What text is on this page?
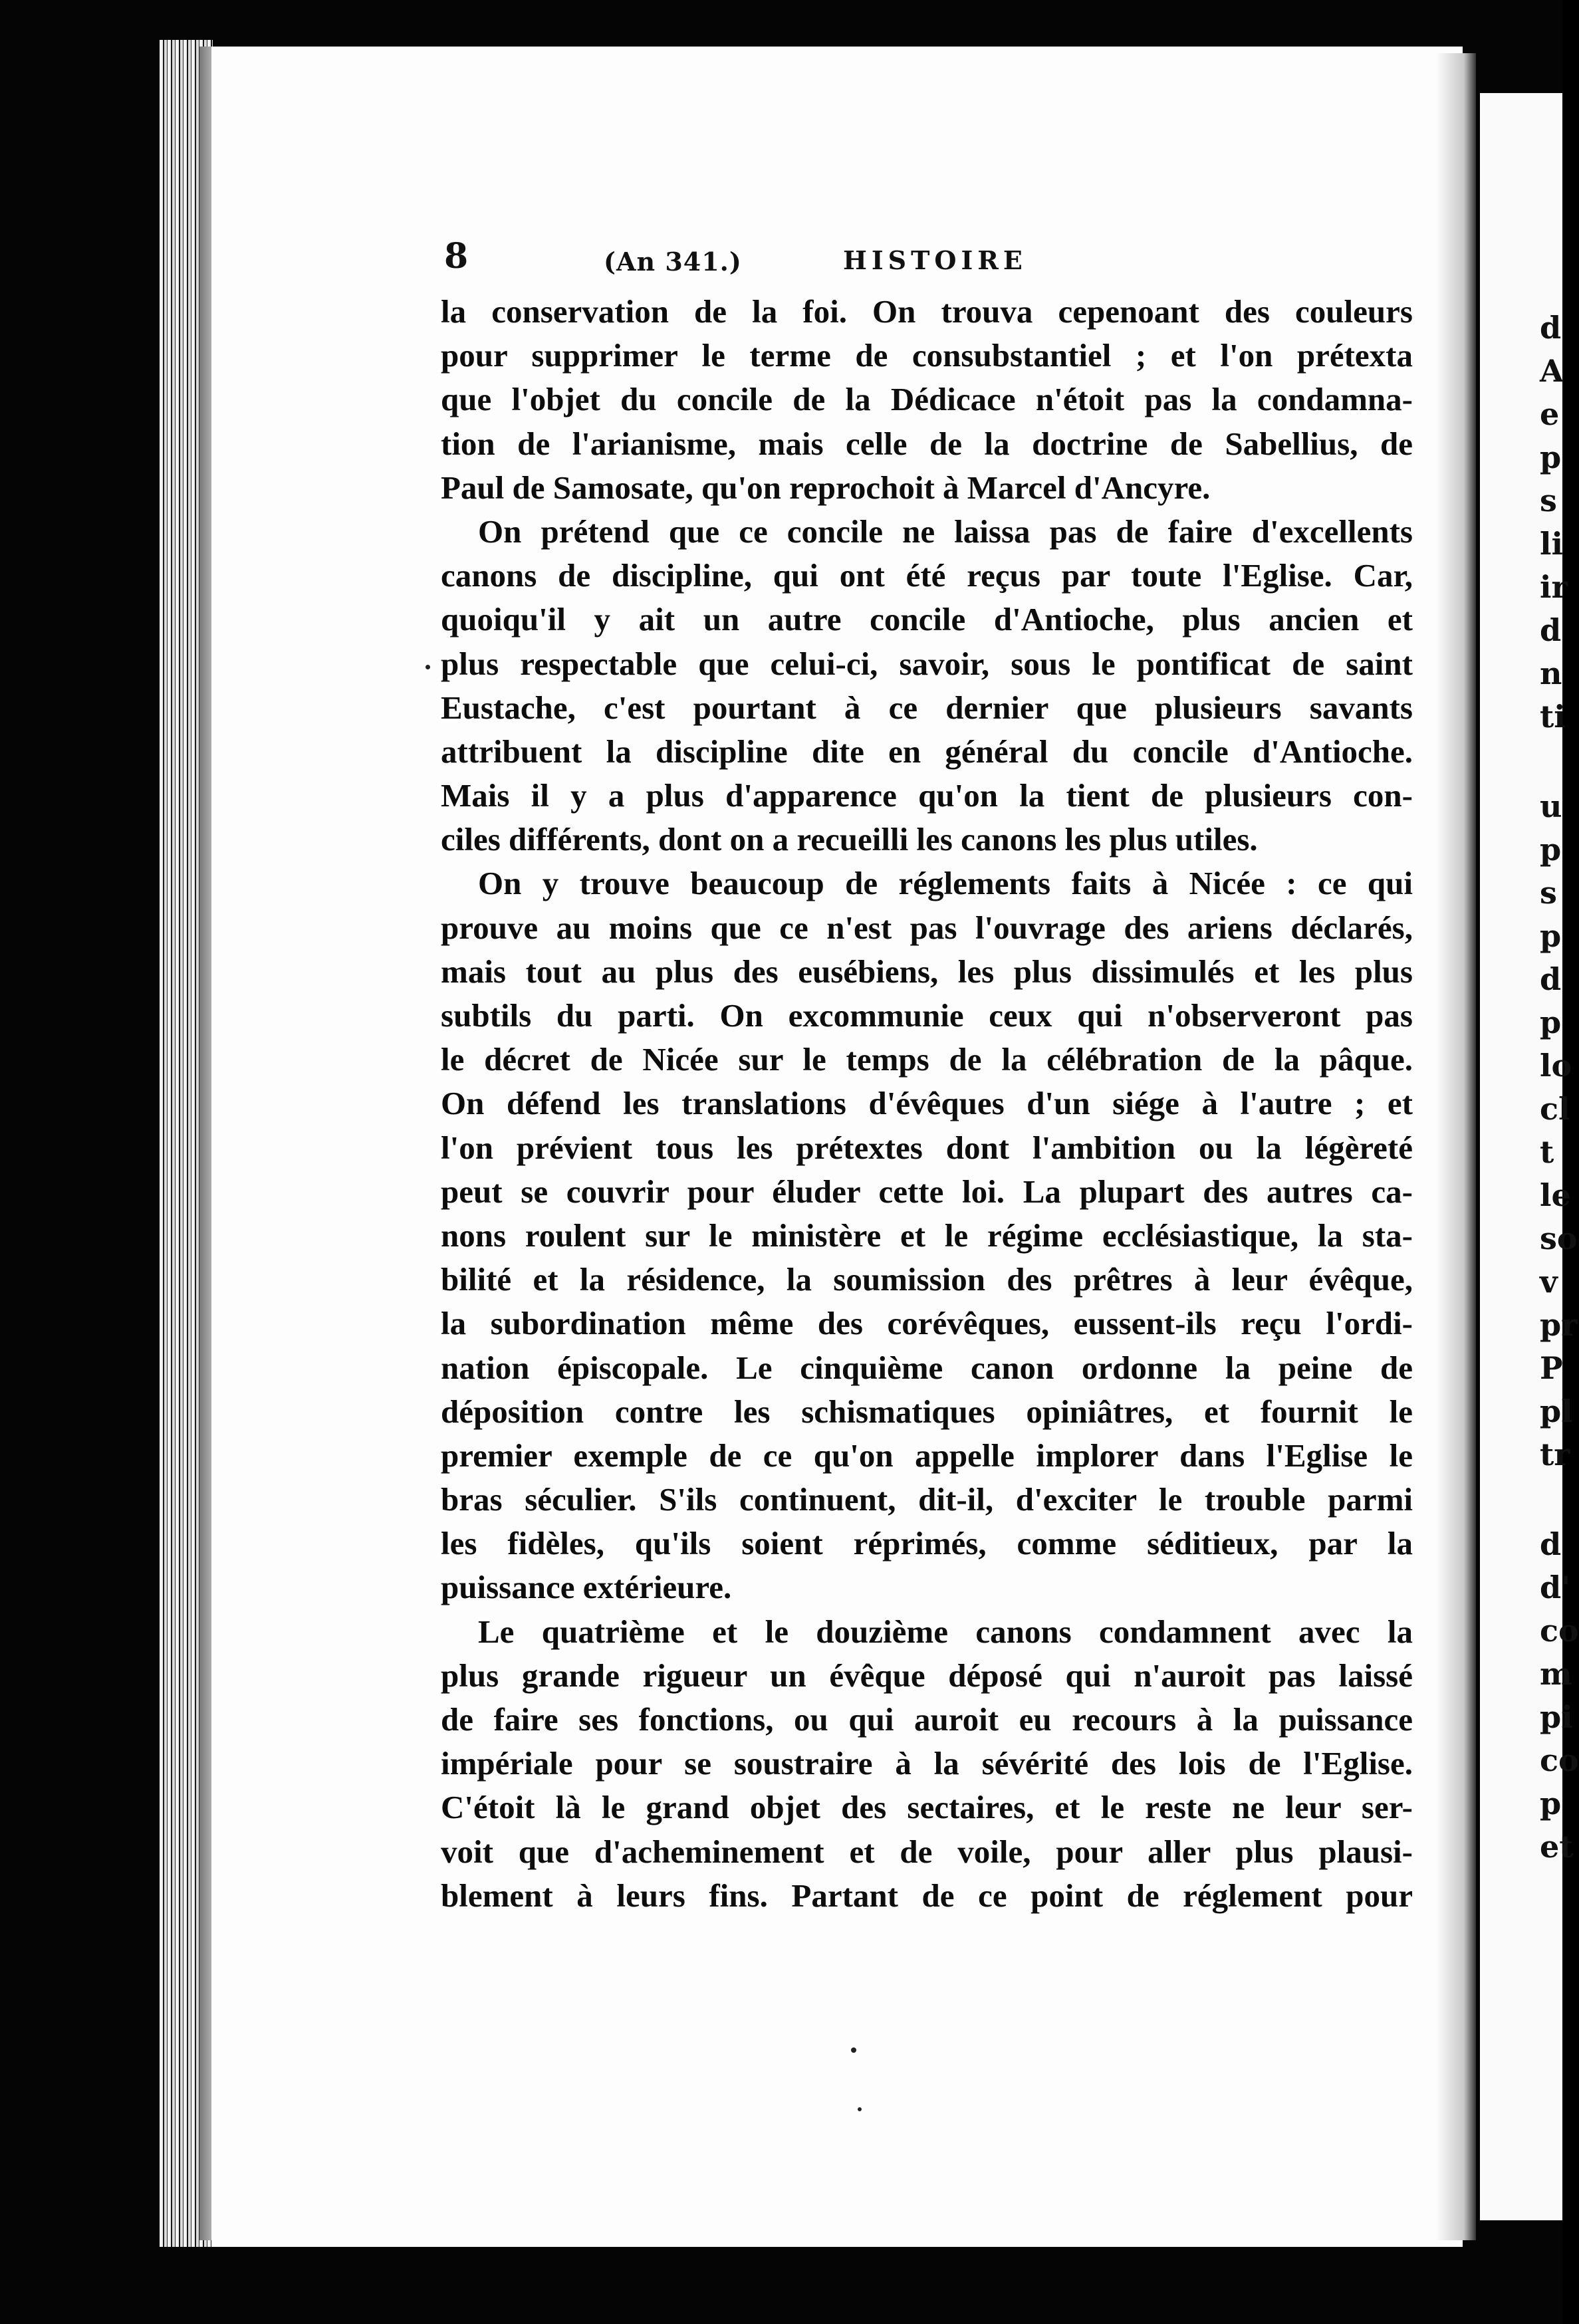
d
A
e
p
s
li
ir
d
n
ti
u
p
s
p
d
p
lo
cl
t
le
so
v
pr
P
pl
tr
d
d'
co
m
pi
co
p
et
8	(An 341.)	HISTOIRE
la conservation de la foi. On trouva cepenoant des couleurs
pour supprimer le terme de consubstantiel ; et l'on prétexta
que l'objet du concile de la Dédicace n'étoit pas la condamna-
tion de l'arianisme, mais celle de la doctrine de Sabellius, de
Paul de Samosate, qu'on reprochoit à Marcel d'Ancyre.
On prétend que ce concile ne laissa pas de faire d'excellents
canons de discipline, qui ont été reçus par toute l'Eglise. Car,
quoiqu'il y ait un autre concile d'Antioche, plus ancien et
plus respectable que celui-ci, savoir, sous le pontificat de saint
Eustache, c'est pourtant à ce dernier que plusieurs savants
attribuent la discipline dite en général du concile d'Antioche.
Mais il y a plus d'apparence qu'on la tient de plusieurs con-
ciles différents, dont on a recueilli les canons les plus utiles.
On y trouve beaucoup de réglements faits à Nicée : ce qui
prouve au moins que ce n'est pas l'ouvrage des ariens déclarés,
mais tout au plus des eusébiens, les plus dissimulés et les plus
subtils du parti. On excommunie ceux qui n'observeront pas
le décret de Nicée sur le temps de la célébration de la pâque.
On défend les translations d'évêques d'un siége à l'autre ; et
l'on prévient tous les prétextes dont l'ambition ou la légèreté
peut se couvrir pour éluder cette loi. La plupart des autres ca-
nons roulent sur le ministère et le régime ecclésiastique, la sta-
bilité et la résidence, la soumission des prêtres à leur évêque,
la subordination même des corévêques, eussent-ils reçu l'ordi-
nation épiscopale. Le cinquième canon ordonne la peine de
déposition contre les schismatiques opiniâtres, et fournit le
premier exemple de ce qu'on appelle implorer dans l'Eglise le
bras séculier. S'ils continuent, dit-il, d'exciter le trouble parmi
les fidèles, qu'ils soient réprimés, comme séditieux, par la
puissance extérieure.
Le quatrième et le douzième canons condamnent avec la
plus grande rigueur un évêque déposé qui n'auroit pas laissé
de faire ses fonctions, ou qui auroit eu recours à la puissance
impériale pour se soustraire à la sévérité des lois de l'Eglise.
C'étoit là le grand objet des sectaires, et le reste ne leur ser-
voit que d'acheminement et de voile, pour aller plus plausi-
blement à leurs fins. Partant de ce point de réglement pour
